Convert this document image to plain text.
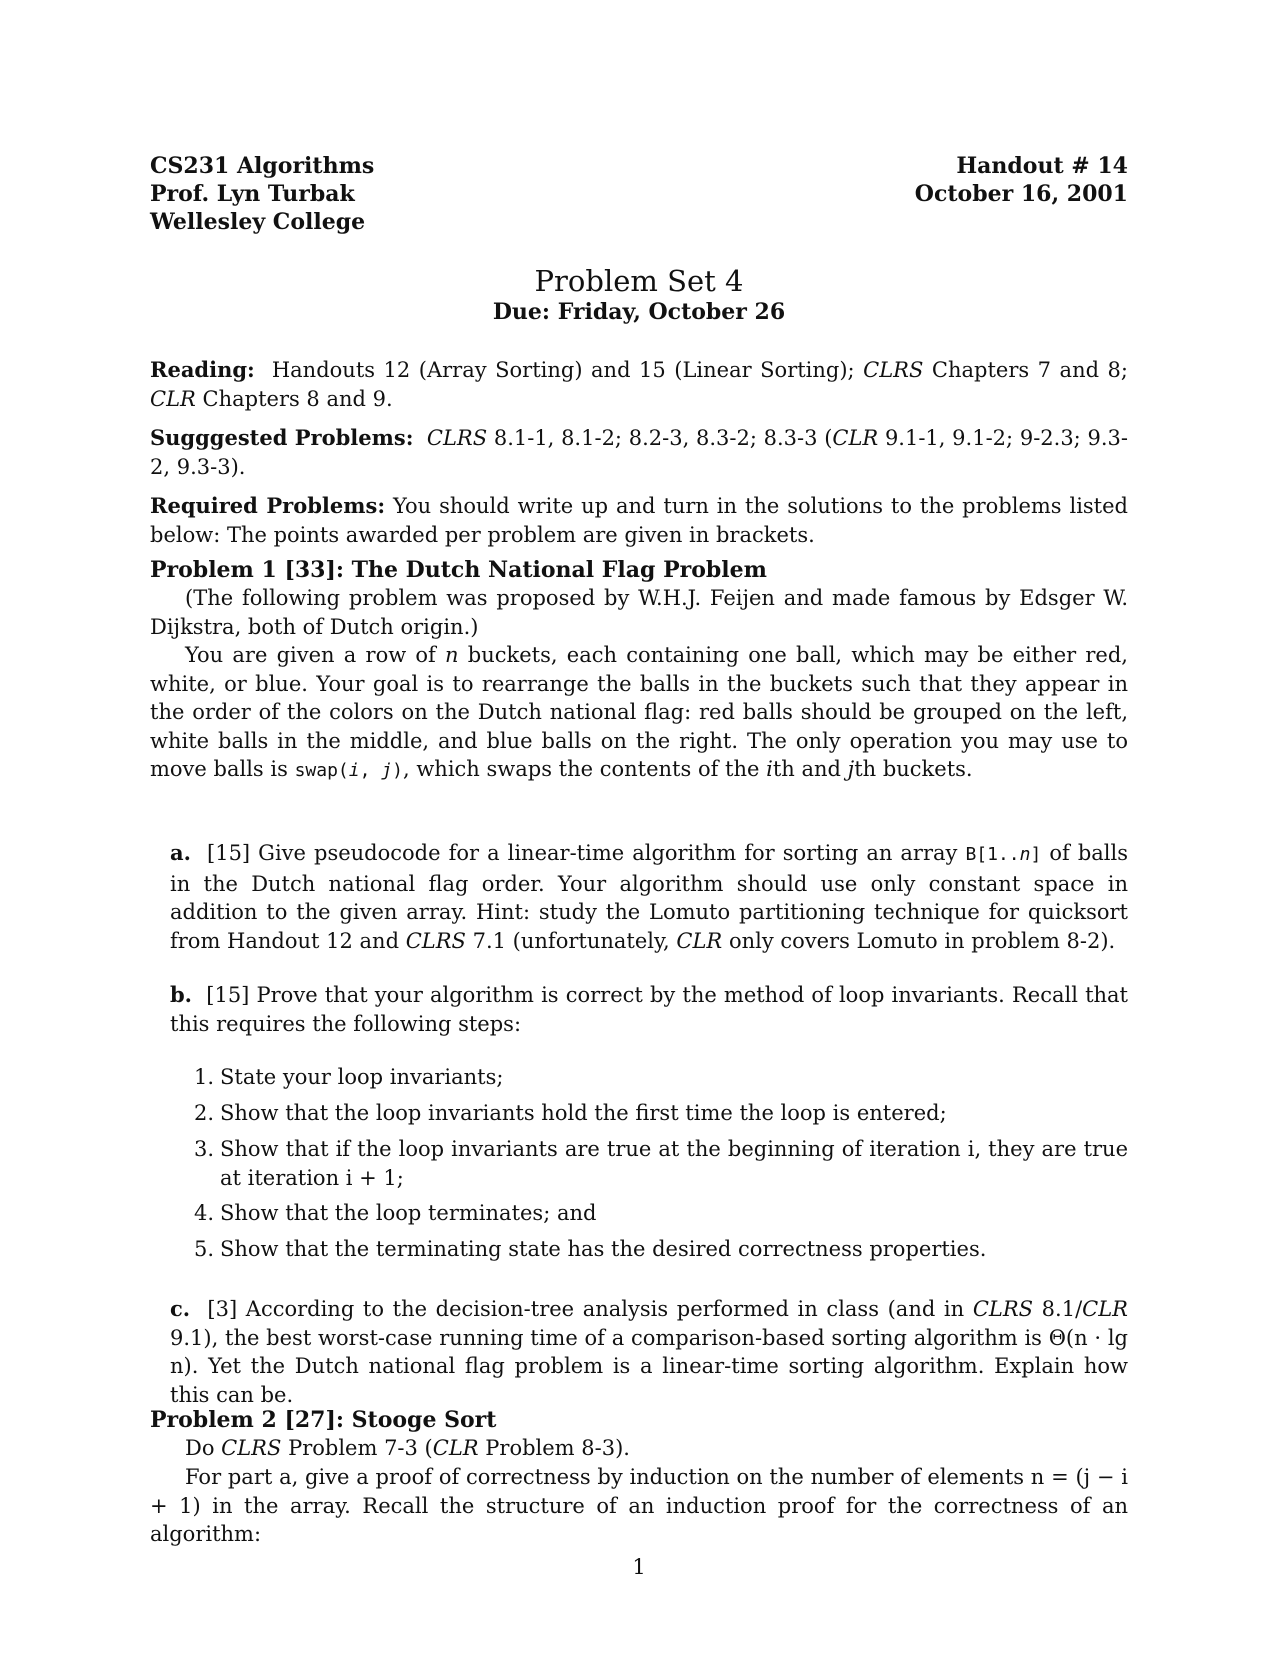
CS231 Algorithms
Prof. Lyn Turbak
Wellesley College
Handout # 14
October 16, 2001
Problem Set 4
Due: Friday, October 26
Reading: Handouts 12 (Array Sorting) and 15 (Linear Sorting); CLRS Chapters 7 and 8; CLR Chapters 8 and 9.
Sugggested Problems: CLRS 8.1-1, 8.1-2; 8.2-3, 8.3-2; 8.3-3 (CLR 9.1-1, 9.1-2; 9-2.3; 9.3-2, 9.3-3).
Required Problems: You should write up and turn in the solutions to the problems listed below: The points awarded per problem are given in brackets.
Problem 1 [33]: The Dutch National Flag Problem
(The following problem was proposed by W.H.J. Feijen and made famous by Edsger W. Dijkstra, both of Dutch origin.)
You are given a row of n buckets, each containing one ball, which may be either red, white, or blue. Your goal is to rearrange the balls in the buckets such that they appear in the order of the colors on the Dutch national flag: red balls should be grouped on the left, white balls in the middle, and blue balls on the right. The only operation you may use to move balls is swap(i, j), which swaps the contents of the ith and jth buckets.
a. [15] Give pseudocode for a linear-time algorithm for sorting an array B[1..n] of balls in the Dutch national flag order. Your algorithm should use only constant space in addition to the given array. Hint: study the Lomuto partitioning technique for quicksort from Handout 12 and CLRS 7.1 (unfortunately, CLR only covers Lomuto in problem 8-2).
b. [15] Prove that your algorithm is correct by the method of loop invariants. Recall that this requires the following steps:
1. State your loop invariants;
2. Show that the loop invariants hold the first time the loop is entered;
3. Show that if the loop invariants are true at the beginning of iteration i, they are true at iteration i + 1;
4. Show that the loop terminates; and
5. Show that the terminating state has the desired correctness properties.
c. [3] According to the decision-tree analysis performed in class (and in CLRS 8.1/CLR 9.1), the best worst-case running time of a comparison-based sorting algorithm is Θ(n · lg n). Yet the Dutch national flag problem is a linear-time sorting algorithm. Explain how this can be.
Problem 2 [27]: Stooge Sort
Do CLRS Problem 7-3 (CLR Problem 8-3).
For part a, give a proof of correctness by induction on the number of elements n = (j − i + 1) in the array. Recall the structure of an induction proof for the correctness of an algorithm:
1
